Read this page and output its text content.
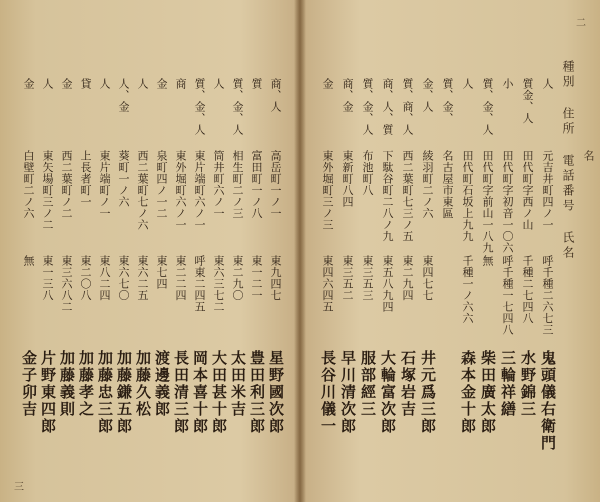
二
名
種別 住所 電話番号 氏名
人
元吉井町四ノ一
呼千種二六七三
鬼頭儀右衛門
質金、人
田代町字西ノ山
千種二七四八
水野錦三
小
田代町字初音一〇六
呼千種一七四八
三輪祥繕
質、金、人
田代町字前山一八九
無
柴田廣太郎
人
田代町石坂上九九
千種一ノ六六
森本金十郎
質、金、
名古屋市東區
金、人
綾羽町二ノ六
東四七七
井元爲三郎
質、商、人
西二葉町七三ノ五
東二九四
石塚岩吉
商、人、質
下駄谷町二八ノ九
東五八九四
大輪富次郎
質、金、人
布池町八
東三五三
服部經三
商、金
東新町八四
東三五二
早川清次郎
金
東外堀町三ノ三
東四六四五
長谷川儀一
三
商、人
高岳町一ノ一
東九四七
星野國次郎
質
富田町一ノ八
東一二一
豊田利三郎
質、金、人
相生町二ノ三
東二九〇
太田米吉
人
筒井町六ノ一
東六三七二
大田甚十郎
質、金、人
東片端町六ノ一
呼東二四五
岡本喜十郎
商
東外堀町六ノ一
東二二四
長田清三郎
金
泉町四ノ一二
東七四
渡邊義郎
人
西二葉町七ノ六
東六二五
加藤久松
人、金
葵町一ノ六
東六七〇
加藤鎌五郎
人
東片端町ノ一
東八二四
加藤忠三郎
貸
上長者町一
東二〇八
加藤孝之
金
西二葉町ノ二
東三六八二
加藤義則
人
東矢場町三ノ二
東一三八
片野東四郎
金
白壁町二ノ六
無
金子卯吉
